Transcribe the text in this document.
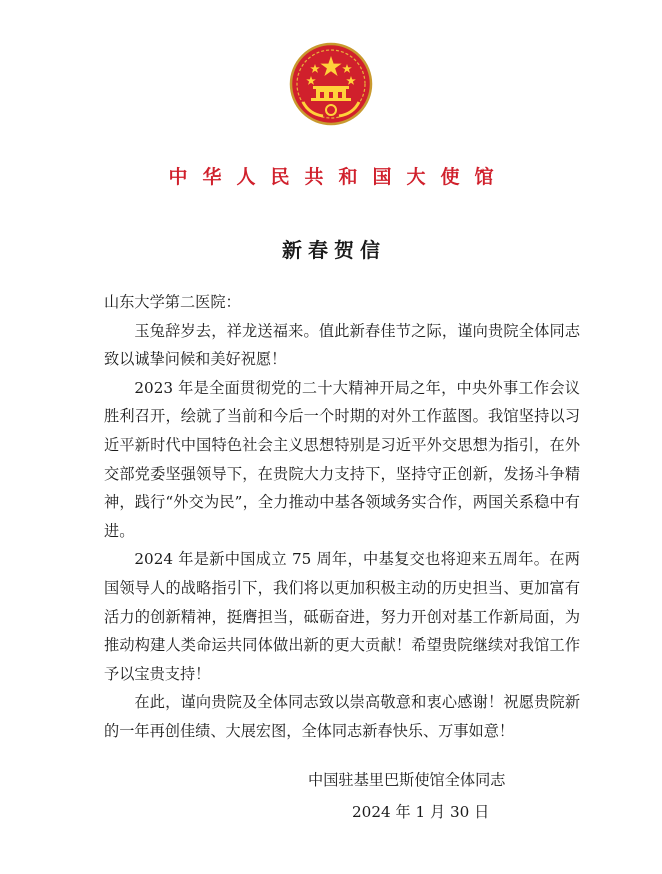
中华人民共和国大使馆
新春贺信

山东大学第二医院：

玉兔辞岁去，祥龙送福来。值此新春佳节之际，谨向贵院全体同志致以诚挚问候和美好祝愿！

2023 年是全面贯彻党的二十大精神开局之年，中央外事工作会议胜利召开，绘就了当前和今后一个时期的对外工作蓝图。我馆坚持以习近平新时代中国特色社会主义思想特别是习近平外交思想为指引，在外交部党委坚强领导下，在贵院大力支持下，坚持守正创新，发扬斗争精神，践行“外交为民”，全力推动中基各领域务实合作，两国关系稳中有进。

2024 年是新中国成立 75 周年，中基复交也将迎来五周年。在两国领导人的战略指引下，我们将以更加积极主动的历史担当、更加富有活力的创新精神，挺膺担当，砥砺奋进，努力开创对基工作新局面，为推动构建人类命运共同体做出新的更大贡献！希望贵院继续对我馆工作予以宝贵支持！

在此，谨向贵院及全体同志致以崇高敬意和衷心感谢！祝愿贵院新的一年再创佳绩、大展宏图，全体同志新春快乐、万事如意！

中国驻基里巴斯使馆全体同志
2024 年 1 月 30 日
